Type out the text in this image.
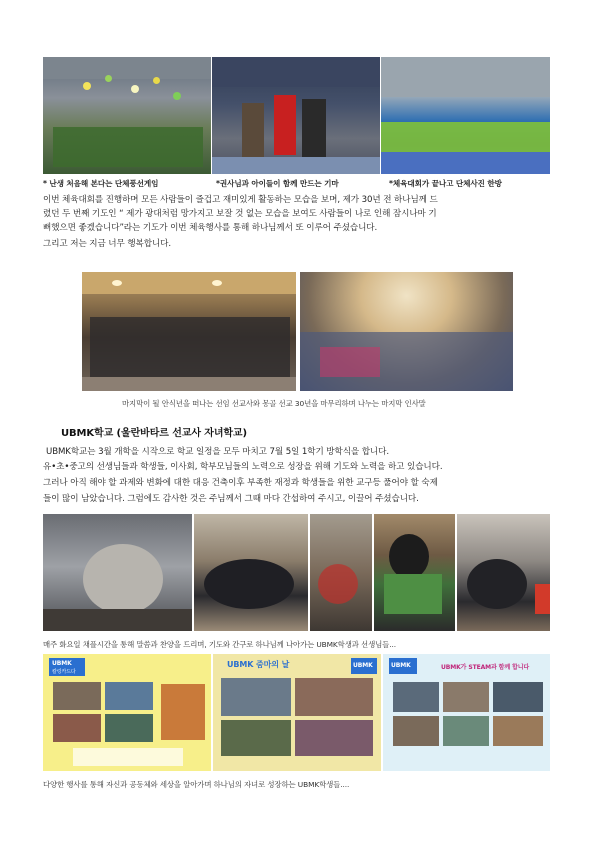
* 난생 처음해 본다는 단체풍선게임	*권사님과 아이들이 함께 만드는 기마	*체육대회가 끝나고 단체사진 한방
이번 체육대회를 진행하며 모든 사람들이 즐겁고 재미있게 활동하는 모습을 보며, 제가 30년 전 하나님께 드
렸던 두 번째 기도인 “ 제가 광대처럼 망가지고 보잘 것 없는 모습을 보여도 사람들이 나로 인해 잠시나마 기
뻐했으면 좋겠습니다”라는 기도가 이번 체육행사를 통해 하나님께서 또 이루어 주셨습니다.
그리고 저는 지금 너무 행복합니다.
마지막이 될 안식년을 떠나는 선임 선교사와 몽골 선교 30년을 마무리하며 나누는 마지막 인사말
UBMK학교 (울란바타르 선교사 자녀학교)
UBMK학교는 3월 개학을 시작으로 학교 일정을 모두 마치고 7월 5일 1학기 방학식을 합니다.
유•초•중고의 선생님들과 학생들, 이사회, 학부모님들의 노력으로 성장을 위해 기도와 노력을 하고 있습니다.
그러나 아직 해야 할 과제와 변화에 대한 대응 건축이후 부족한 재정과 학생들을 위한 교구등 풀어야 할 숙제
들이 많이 남았습니다. 그럼에도 감사한 것은 주님께서 그때 마다 간섭하여 주시고, 이끌어 주셨습니다.
매주 화요일 채플시간을 통해 말씀과 찬양을 드리며, 기도와 간구로 하나님께 나아가는 UBMK학생과 선생님들...
UBMK
칼링카드다
UBMK 줌마의 날	UBMK	UBMK	UBMK가 STEAM과 함께 합니다
다양한 행사를 통해 자신과 공동체와 세상을 알아가며 하나님의 자녀로 성장하는 UBMK학생들....
